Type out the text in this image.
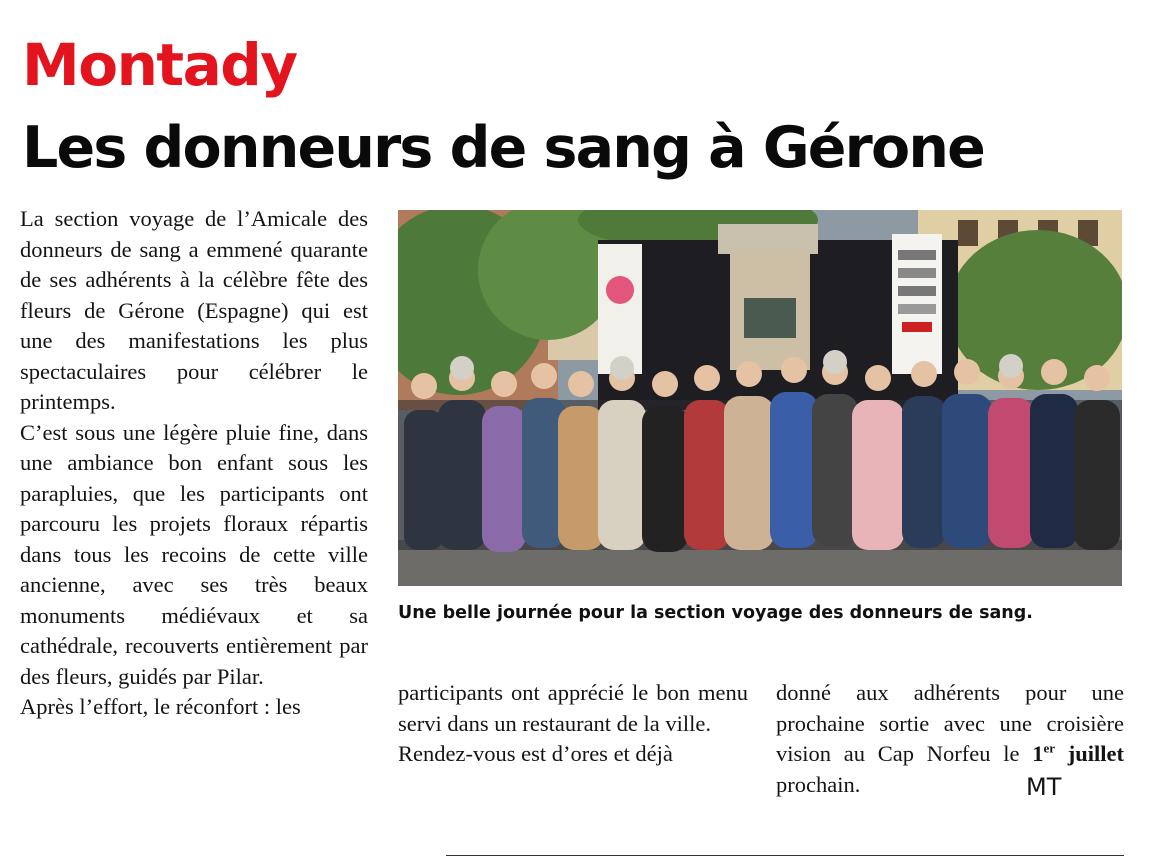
Montady
Les donneurs de sang à Gérone

La section voyage de l’Amicale des donneurs de sang a emmené quarante de ses adhérents à la célèbre fête des fleurs de Gérone (Espagne) qui est une des manifestations les plus spectaculaires pour célébrer le printemps.

C’est sous une légère pluie fine, dans une ambiance bon enfant sous les parapluies, que les participants ont parcouru les projets floraux répartis dans tous les recoins de cette ville ancienne, avec ses très beaux monuments médiévaux et sa cathédrale, recouverts entièrement par des fleurs, guidés par Pilar.

Après l’effort, le réconfort : les

Une belle journée pour la section voyage des donneurs de sang.

participants ont apprécié le bon menu servi dans un restaurant de la ville.

Rendez-vous est d’ores et déjà

donné aux adhérents pour une prochaine sortie avec une croisière vision au Cap Norfeu le 1er juillet prochain.	MT
